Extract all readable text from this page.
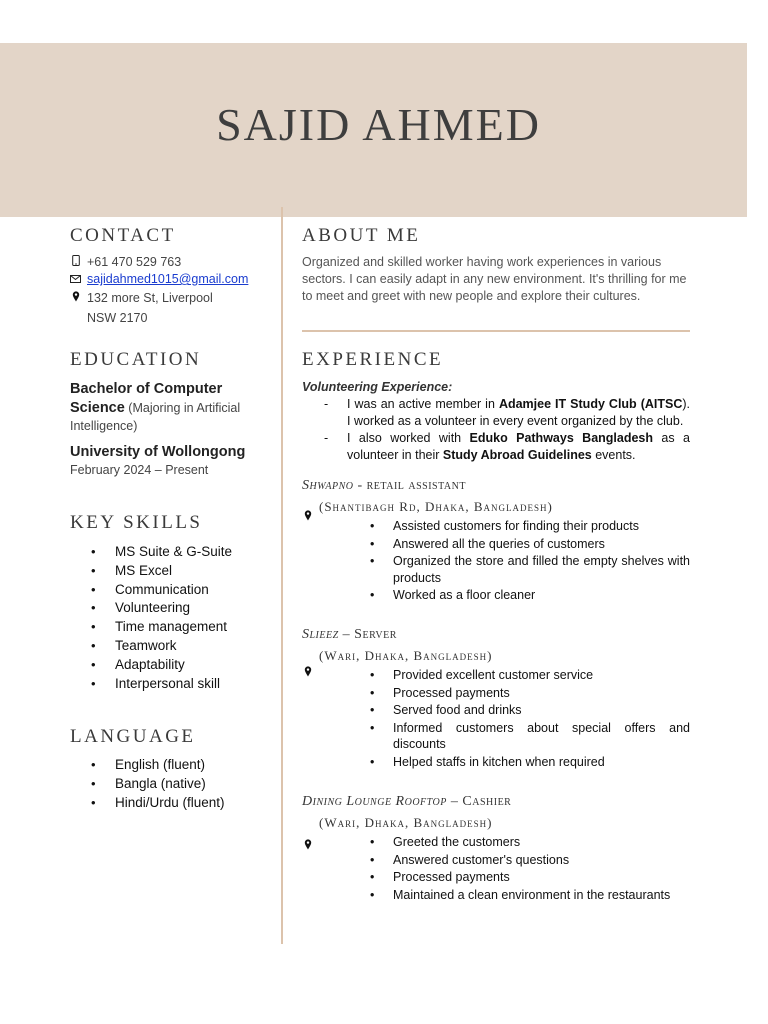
SAJID AHMED
CONTACT
+61 470 529 763
sajidahmed1015@gmail.com
132 more St, Liverpool
NSW 2170
EDUCATION
Bachelor of Computer
Science (Majoring in Artificial

Intelligence)
University of Wollongong
February 2024 – Present
KEY SKILLS
• MS Suite & G-Suite
• MS Excel
• Communication
• Volunteering
• Time management
• Teamwork
• Adaptability
• Interpersonal skill
LANGUAGE
• English (fluent)
• Bangla (native)
• Hindi/Urdu (fluent)
ABOUT ME
Organized and skilled worker having work experiences in various sectors. I can easily adapt in any new environment. It's thrilling for me to meet and greet with new people and explore their cultures.
EXPERIENCE
Volunteering Experience:
- I was an active member in Adamjee IT Study Club (AITSC). I worked as a volunteer in every event organized by the club.
- I also worked with Eduko Pathways Bangladesh as a volunteer in their Study Abroad Guidelines events.
Shwapno - retail assistant
(Shantibagh Rd, Dhaka, Bangladesh)
• Assisted customers for finding their products
• Answered all the queries of customers
• Organized the store and filled the empty shelves with products
• Worked as a floor cleaner
Slieez – Server
(Wari, Dhaka, Bangladesh)
• Provided excellent customer service
• Processed payments
• Served food and drinks
• Informed customers about special offers and discounts
• Helped staffs in kitchen when required
Dining Lounge Rooftop – Cashier
(Wari, Dhaka, Bangladesh)
• Greeted the customers
• Answered customer's questions
• Processed payments
• Maintained a clean environment in the restaurants
